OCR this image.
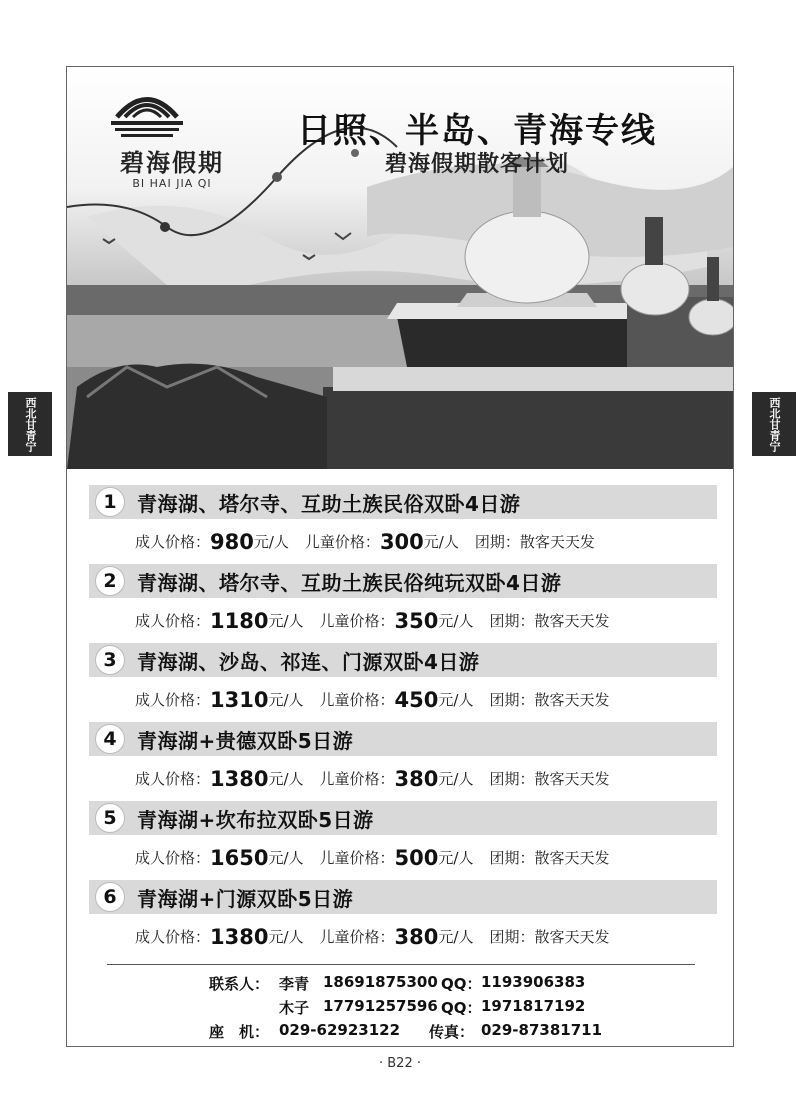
西北甘青宁	西北甘青宁
碧海假期
BI HAI JIA QI
日照、半岛、青海专线
碧海假期散客计划
1	青海湖、塔尔寺、互助土族民俗双卧4日游
成人价格： 980 元/人 儿童价格： 300 元/人 团期： 散客天天发
2	青海湖、塔尔寺、互助土族民俗纯玩双卧4日游
成人价格： 1180 元/人 儿童价格： 350 元/人 团期： 散客天天发
3	青海湖、沙岛、祁连、门源双卧4日游
成人价格： 1310 元/人 儿童价格： 450 元/人 团期： 散客天天发
4	青海湖+贵德双卧5日游
成人价格： 1380 元/人 儿童价格： 380 元/人 团期： 散客天天发
5	青海湖+坎布拉双卧5日游
成人价格： 1650 元/人 儿童价格： 500 元/人 团期： 散客天天发
6	青海湖+门源双卧5日游
成人价格： 1380 元/人 儿童价格： 380 元/人 团期： 散客天天发
联系人： 李青 18691875300 QQ： 1193906383
木子 17791257596 QQ： 1971817192
座　机： 029-62923122 传真： 029-87381711
· B22 ·
